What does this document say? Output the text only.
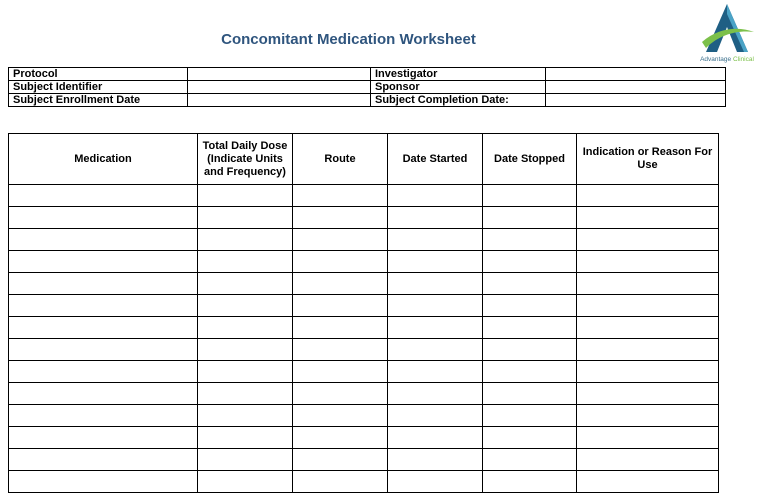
Concomitant Medication Worksheet
Advantage Clinical
Protocol		Investigator	
Subject Identifier		Sponsor	
Subject Enrollment Date		Subject Completion Date:	
Medication	Total Daily Dose (Indicate Units and Frequency)	Route	Date Started	Date Stopped	Indication or Reason For Use
